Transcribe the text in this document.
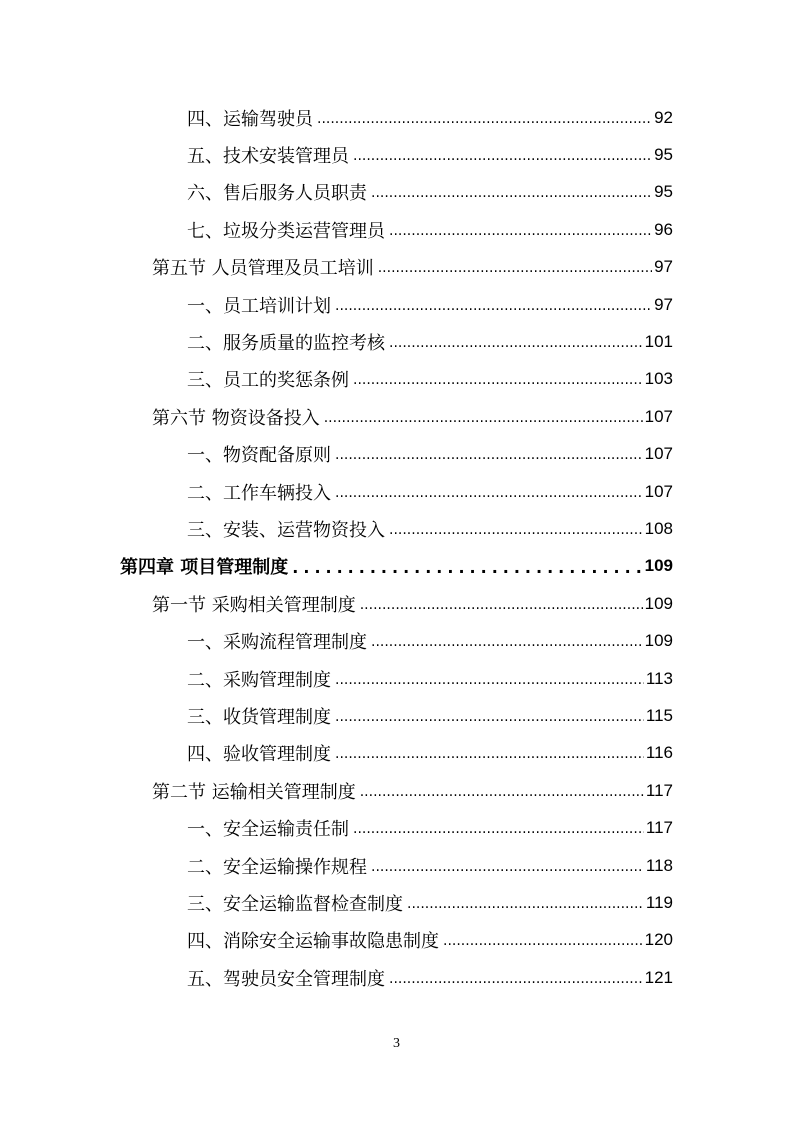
四、运输驾驶员 .....	92
五、技术安装管理员 .....	95
六、售后服务人员职责 .....	95
七、垃圾分类运营管理员 .....	96
第五节 人员管理及员工培训 .....	97
一、员工培训计划 .....	97
二、服务质量的监控考核 .....	101
三、员工的奖惩条例 .....	103
第六节 物资设备投入 .....	107
一、物资配备原则 .....	107
二、工作车辆投入 .....	107
三、安装、运营物资投入 .....	108
第四章 项目管理制度 .....	109
第一节 采购相关管理制度 .....	109
一、采购流程管理制度 .....	109
二、采购管理制度 .....	113
三、收货管理制度 .....	115
四、验收管理制度 .....	116
第二节 运输相关管理制度 .....	117
一、安全运输责任制 .....	117
二、安全运输操作规程 .....	118
三、安全运输监督检查制度 .....	119
四、消除安全运输事故隐患制度 .....	120
五、驾驶员安全管理制度 .....	121
3
